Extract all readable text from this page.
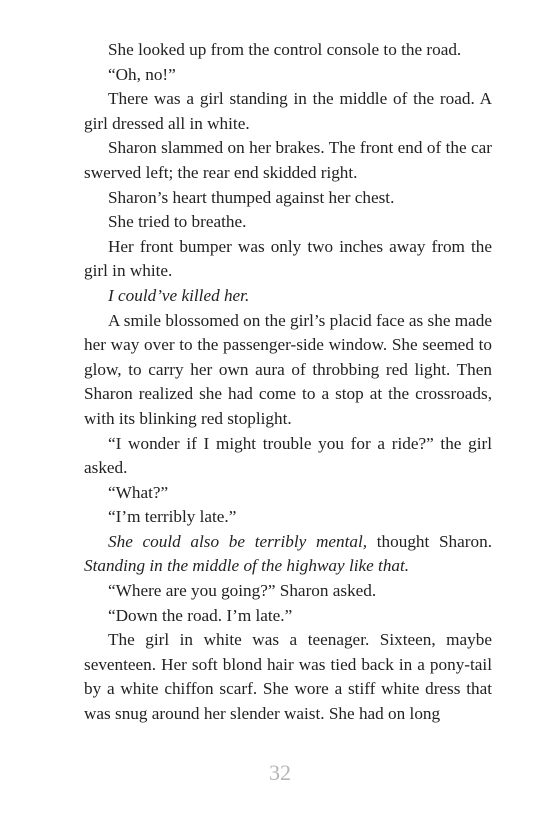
She looked up from the control console to the road.

“Oh, no!”

There was a girl standing in the middle of the road. A girl dressed all in white.

Sharon slammed on her brakes. The front end of the car swerved left; the rear end skidded right.

Sharon’s heart thumped against her chest.

She tried to breathe.

Her front bumper was only two inches away from the girl in white.

I could’ve killed her.

A smile blossomed on the girl’s placid face as she made her way over to the passenger-side window. She seemed to glow, to carry her own aura of throbbing red light. Then Sharon realized she had come to a stop at the crossroads, with its blinking red stoplight.

“I wonder if I might trouble you for a ride?” the girl asked.

“What?”

“I’m terribly late.”

She could also be terribly mental, thought Sharon. Standing in the middle of the highway like that.

“Where are you going?” Sharon asked.

“Down the road. I’m late.”

The girl in white was a teenager. Sixteen, maybe seventeen. Her soft blond hair was tied back in a pony-tail by a white chiffon scarf. She wore a stiff white dress that was snug around her slender waist. She had on long

32
